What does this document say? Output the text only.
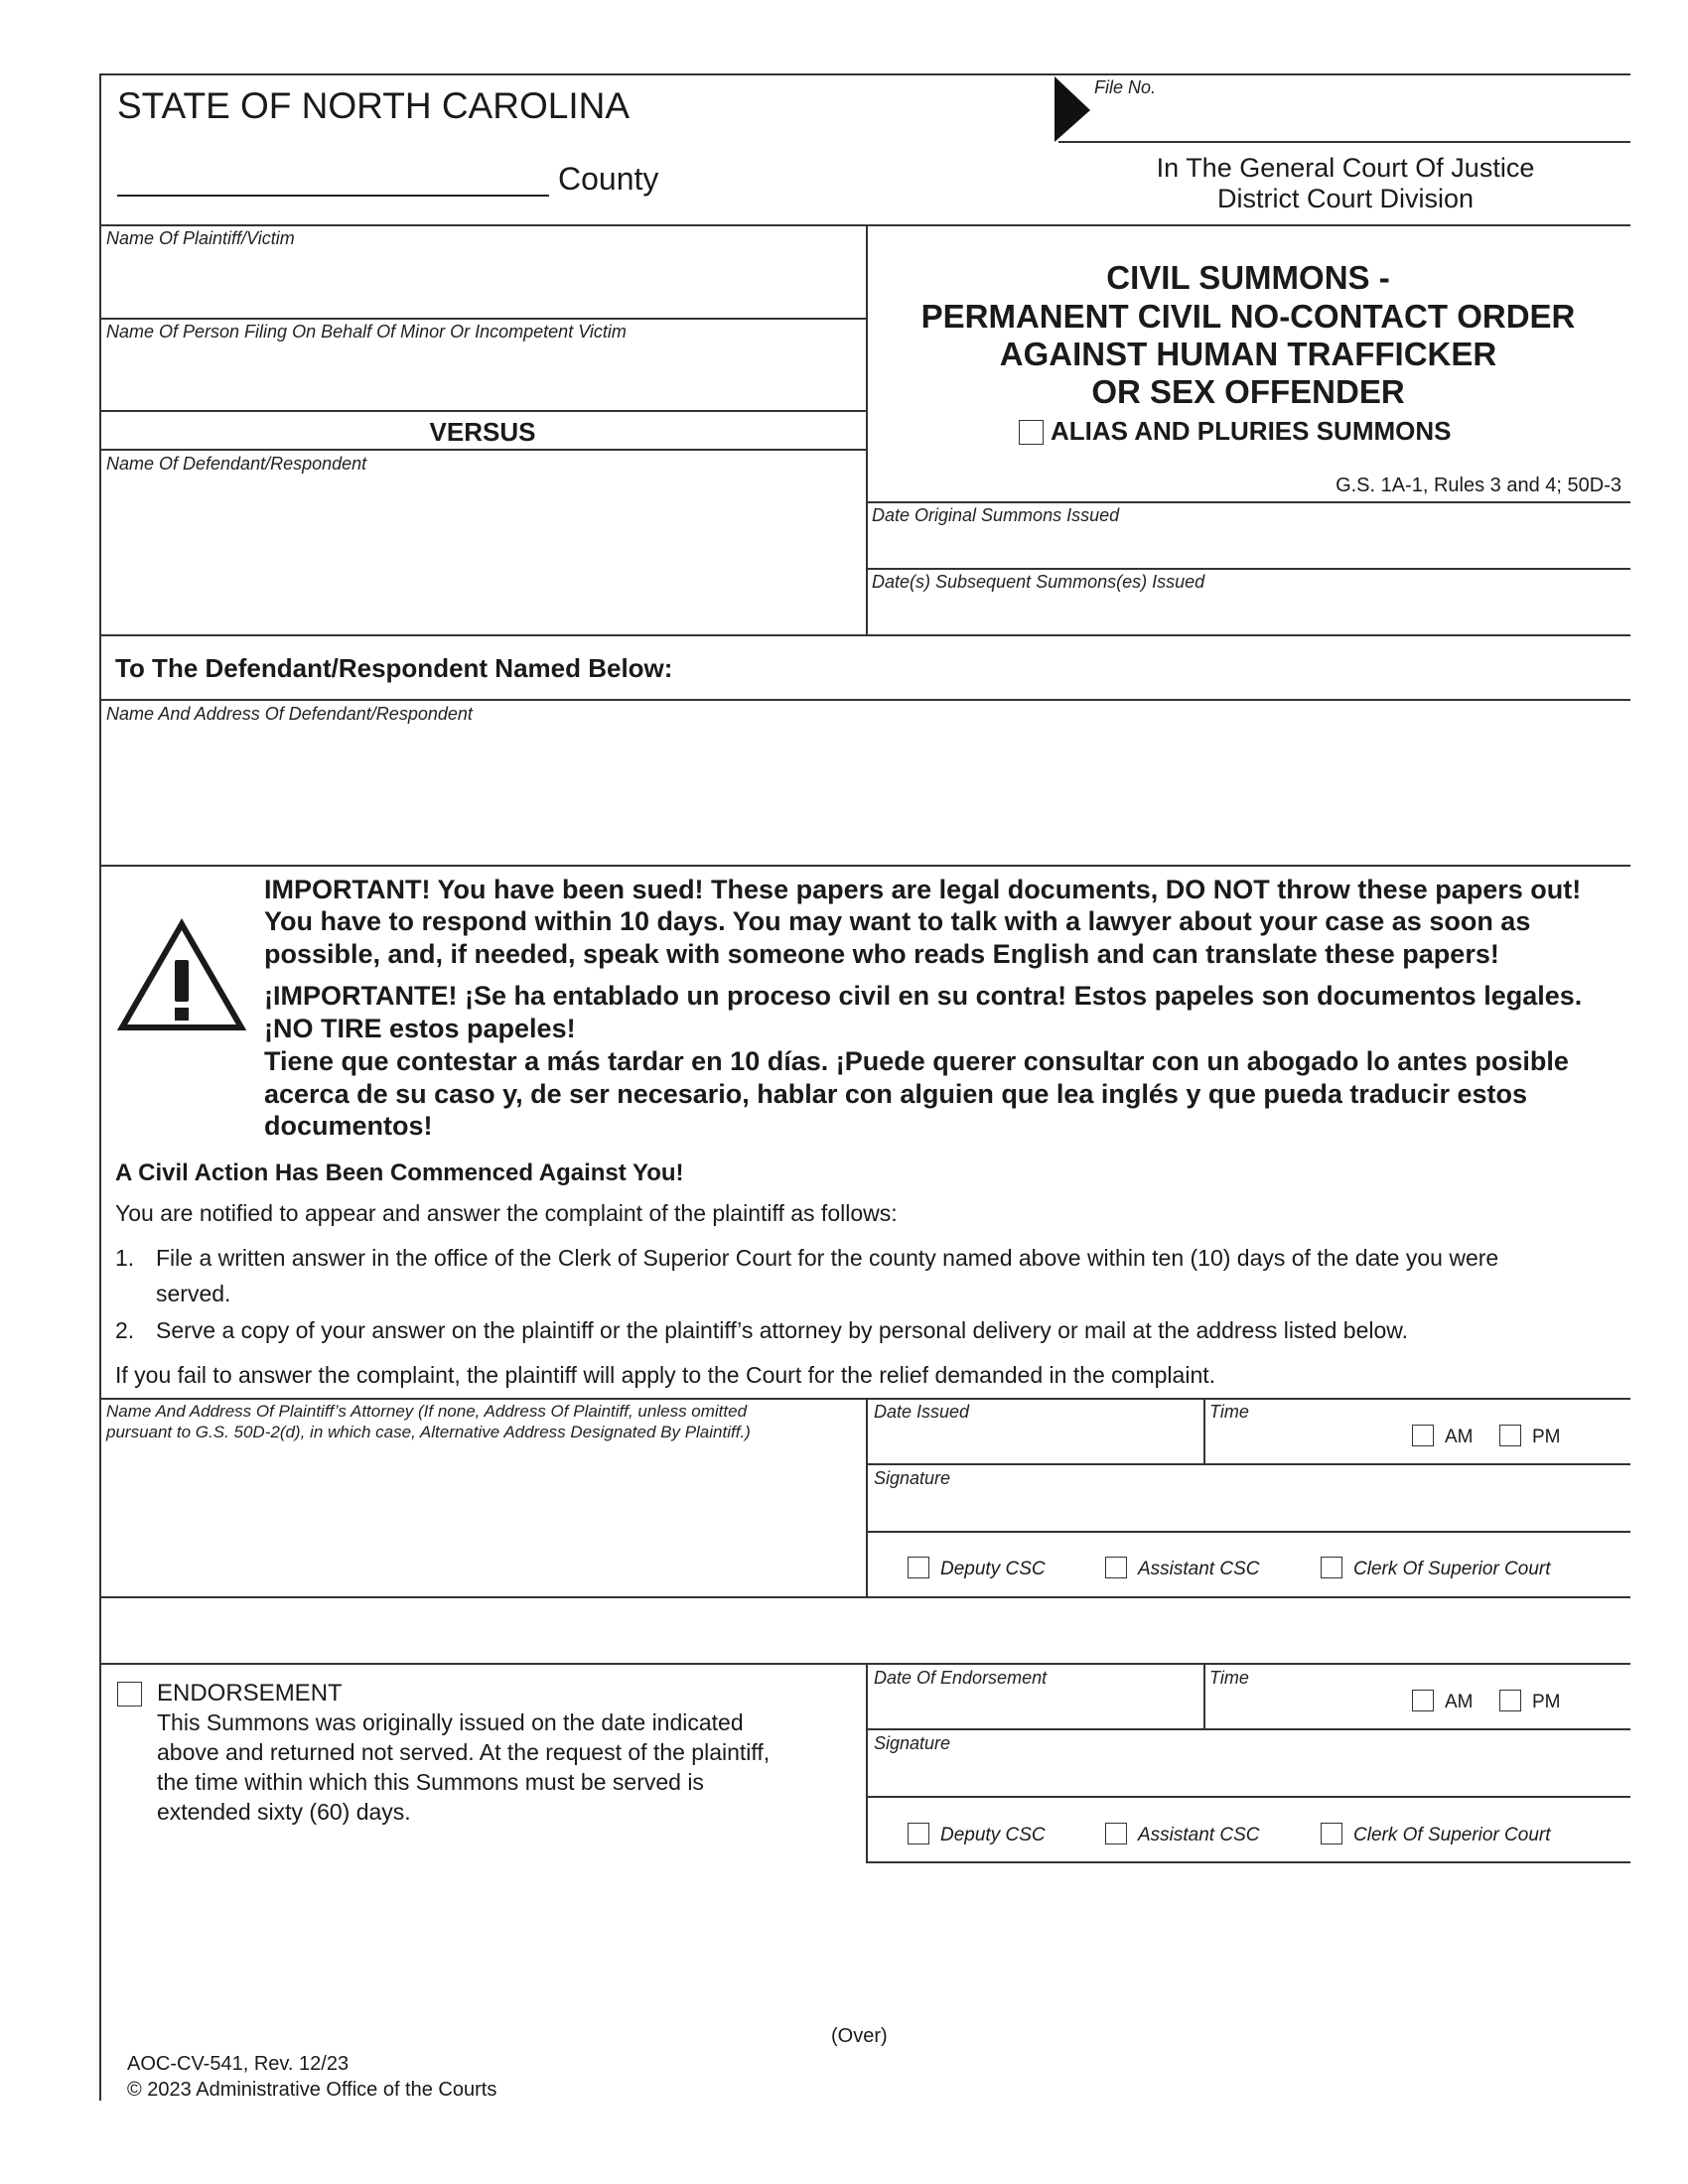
STATE OF NORTH CAROLINA
County
File No.
In The General Court Of Justice
District Court Division
Name Of Plaintiff/Victim
Name Of Person Filing On Behalf Of Minor Or Incompetent Victim
VERSUS
Name Of Defendant/Respondent
CIVIL SUMMONS -
PERMANENT CIVIL NO-CONTACT ORDER
AGAINST HUMAN TRAFFICKER
OR SEX OFFENDER
ALIAS AND PLURIES SUMMONS
G.S. 1A-1, Rules 3 and 4; 50D-3
Date Original Summons Issued
Date(s) Subsequent Summons(es) Issued
To The Defendant/Respondent Named Below:
Name And Address Of Defendant/Respondent
IMPORTANT! You have been sued! These papers are legal documents, DO NOT throw these papers out!
You have to respond within 10 days. You may want to talk with a lawyer about your case as soon as
possible, and, if needed, speak with someone who reads English and can translate these papers!
¡IMPORTANTE! ¡Se ha entablado un proceso civil en su contra! Estos papeles son documentos legales.
¡NO TIRE estos papeles!
Tiene que contestar a más tardar en 10 días. ¡Puede querer consultar con un abogado lo antes posible
acerca de su caso y, de ser necesario, hablar con alguien que lea inglés y que pueda traducir estos
documentos!
A Civil Action Has Been Commenced Against You!
You are notified to appear and answer the complaint of the plaintiff as follows:
1. File a written answer in the office of the Clerk of Superior Court for the county named above within ten (10) days of the date you were
served.
2. Serve a copy of your answer on the plaintiff or the plaintiff’s attorney by personal delivery or mail at the address listed below.
If you fail to answer the complaint, the plaintiff will apply to the Court for the relief demanded in the complaint.
Name And Address Of Plaintiff’s Attorney (If none, Address Of Plaintiff, unless omitted
pursuant to G.S. 50D-2(d), in which case, Alternative Address Designated By Plaintiff.)
Date Issued	Time
AM	PM
Signature
Deputy CSC	Assistant CSC	Clerk Of Superior Court
ENDORSEMENT
This Summons was originally issued on the date indicated
above and returned not served. At the request of the plaintiff,
the time within which this Summons must be served is
extended sixty (60) days.
Date Of Endorsement	Time
AM	PM
Signature
Deputy CSC	Assistant CSC	Clerk Of Superior Court
(Over)
AOC-CV-541, Rev. 12/23
© 2023 Administrative Office of the Courts
